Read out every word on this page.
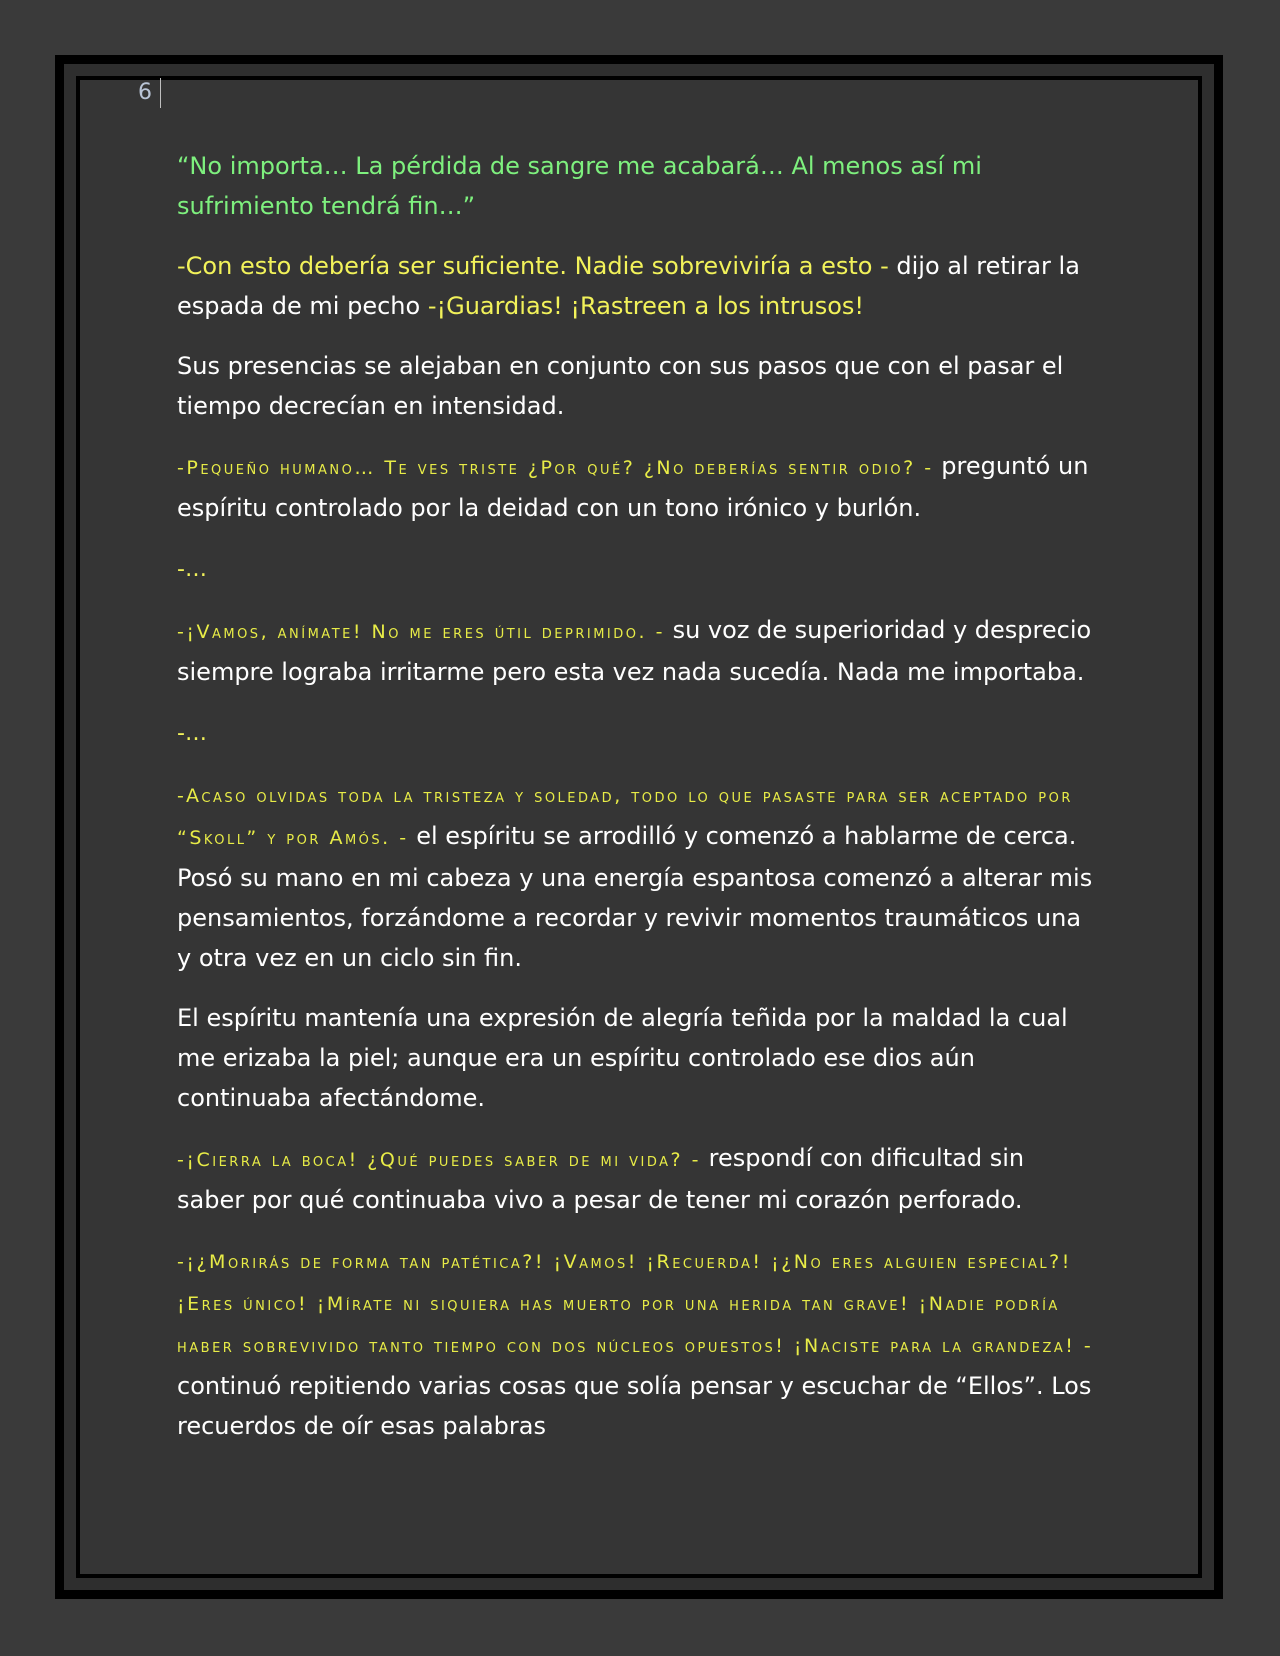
6

“No importa… La pérdida de sangre me acabará… Al menos así mi sufrimiento tendrá fin…”

-Con esto debería ser suficiente. Nadie sobreviviría a esto - dijo al retirar la espada de mi pecho -¡Guardias! ¡Rastreen a los intrusos!

Sus presencias se alejaban en conjunto con sus pasos que con el pasar el tiempo decrecían en intensidad.

-Pequeño humano… Te ves triste ¿Por qué? ¿No deberías sentir odio? - preguntó un espíritu controlado por la deidad con un tono irónico y burlón.

-…

-¡Vamos, anímate! No me eres útil deprimido. - su voz de superioridad y desprecio siempre lograba irritarme pero esta vez nada sucedía. Nada me importaba.

-…

-Acaso olvidas toda la tristeza y soledad, todo lo que pasaste para ser aceptado por “Skoll” y por Amós. - el espíritu se arrodilló y comenzó a hablarme de cerca. Posó su mano en mi cabeza y una energía espantosa comenzó a alterar mis pensamientos, forzándome a recordar y revivir momentos traumáticos una y otra vez en un ciclo sin fin.

El espíritu mantenía una expresión de alegría teñida por la maldad la cual me erizaba la piel; aunque era un espíritu controlado ese dios aún continuaba afectándome.

-¡Cierra la boca! ¿Qué puedes saber de mi vida? - respondí con dificultad sin saber por qué continuaba vivo a pesar de tener mi corazón perforado.

-¡¿Morirás de forma tan patética?! ¡Vamos! ¡Recuerda! ¡¿No eres alguien especial?! ¡Eres único! ¡Mírate ni siquiera has muerto por una herida tan grave! ¡Nadie podría haber sobrevivido tanto tiempo con dos núcleos opuestos! ¡Naciste para la grandeza! - continuó repitiendo varias cosas que solía pensar y escuchar de “Ellos”. Los recuerdos de oír esas palabras
